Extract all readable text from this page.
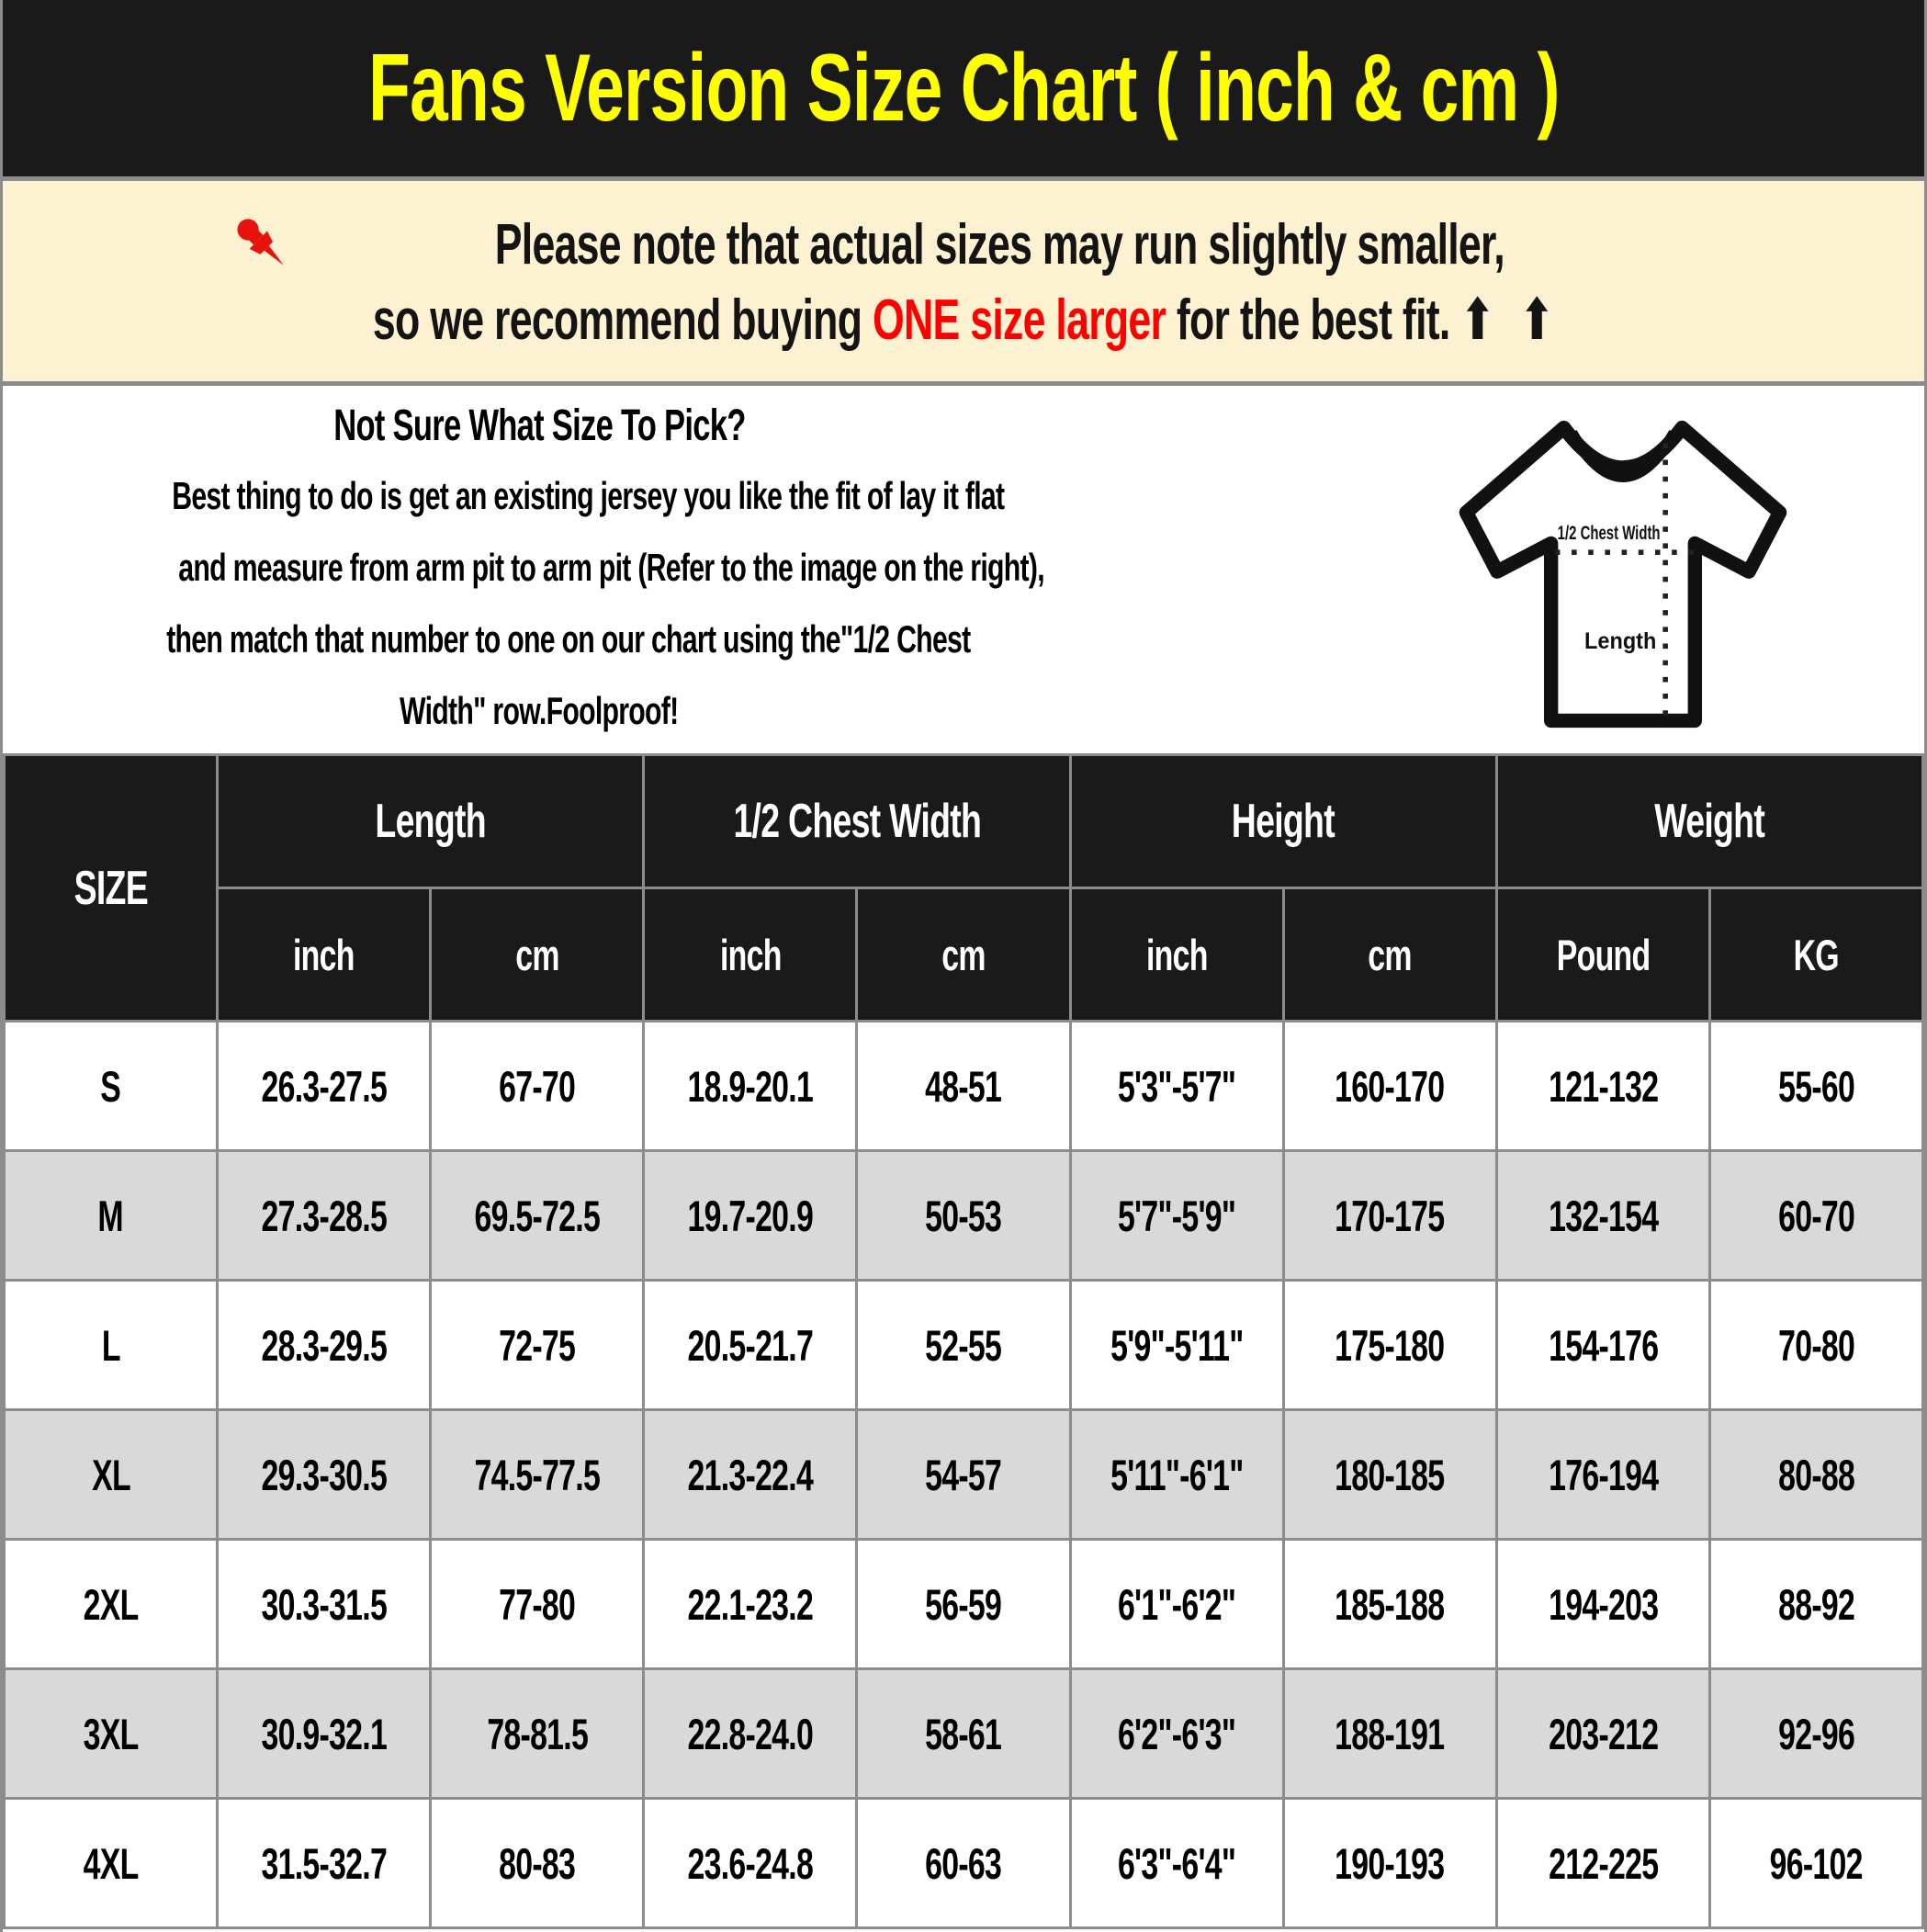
Fans Version Size Chart ( inch & cm )
Please note that actual sizes may run slightly smaller,
so we recommend buying ONE size larger for the best fit. ⬆ ⬆
Not Sure What Size To Pick?
Best thing to do is get an existing jersey you like the fit of lay it flat
and measure from arm pit to arm pit (Refer to the image on the right),
then match that number to one on our chart using the"1/2 Chest
Width" row.Foolproof!
1/2 Chest Width
Length
SIZE	Length		1/2 Chest Width		Height		Weight	
	inch	cm	inch	cm	inch	cm	Pound	KG
S	26.3-27.5	67-70	18.9-20.1	48-51	5'3"-5'7"	160-170	121-132	55-60
M	27.3-28.5	69.5-72.5	19.7-20.9	50-53	5'7"-5'9"	170-175	132-154	60-70
L	28.3-29.5	72-75	20.5-21.7	52-55	5'9"-5'11"	175-180	154-176	70-80
XL	29.3-30.5	74.5-77.5	21.3-22.4	54-57	5'11"-6'1"	180-185	176-194	80-88
2XL	30.3-31.5	77-80	22.1-23.2	56-59	6'1"-6'2"	185-188	194-203	88-92
3XL	30.9-32.1	78-81.5	22.8-24.0	58-61	6'2"-6'3"	188-191	203-212	92-96
4XL	31.5-32.7	80-83	23.6-24.8	60-63	6'3"-6'4"	190-193	212-225	96-102
